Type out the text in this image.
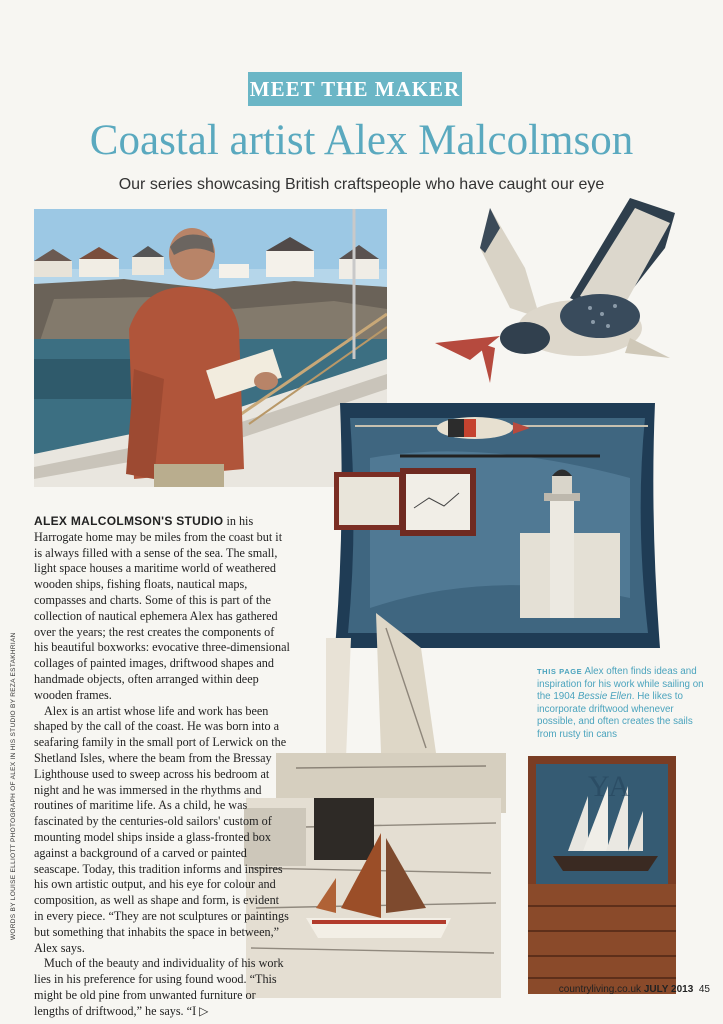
MEET THE MAKER
Coastal artist Alex Malcolmson
Our series showcasing British craftspeople who have caught our eye
YA

ALEX MALCOLMSON'S STUDIO in his Harrogate home may be miles from the coast but it is always filled with a sense of the sea. The small, light space houses a maritime world of weathered wooden ships, fishing floats, nautical maps, compasses and charts. Some of this is part of the collection of nautical ephemera Alex has gathered over the years; the rest creates the components of his beautiful boxworks: evocative three-dimensional collages of painted images, driftwood shapes and handmade objects, often arranged within deep wooden frames.

Alex is an artist whose life and work has been shaped by the call of the coast. He was born into a seafaring family in the small port of Lerwick on the Shetland Isles, where the beam from the Bressay Lighthouse used to sweep across his bedroom at night and he was immersed in the rhythms and routines of maritime life. As a child, he was fascinated by the centuries-old sailors' custom of mounting model ships inside a glass-fronted box against a background of a carved or painted seascape. Today, this tradition informs and inspires his own artistic output, and his eye for colour and composition, as well as shape and form, is evident in every piece. “They are not sculptures or paintings but something that inhabits the space in between,” Alex says.

Much of the beauty and individuality of his work lies in his preference for using found wood. “This might be old pine from unwanted furniture or lengths of driftwood,” he says. “I ▷

WORDS BY LOUISE ELLIOTT PHOTOGRAPH OF ALEX IN HIS STUDIO BY REZA ESTAKHRIAN	THIS PAGE Alex often finds ideas and inspiration for his work while sailing on the 1904 Bessie Ellen. He likes to incorporate driftwood whenever possible, and often creates the sails from rusty tin cans
countryliving.co.uk JULY 2013 45
